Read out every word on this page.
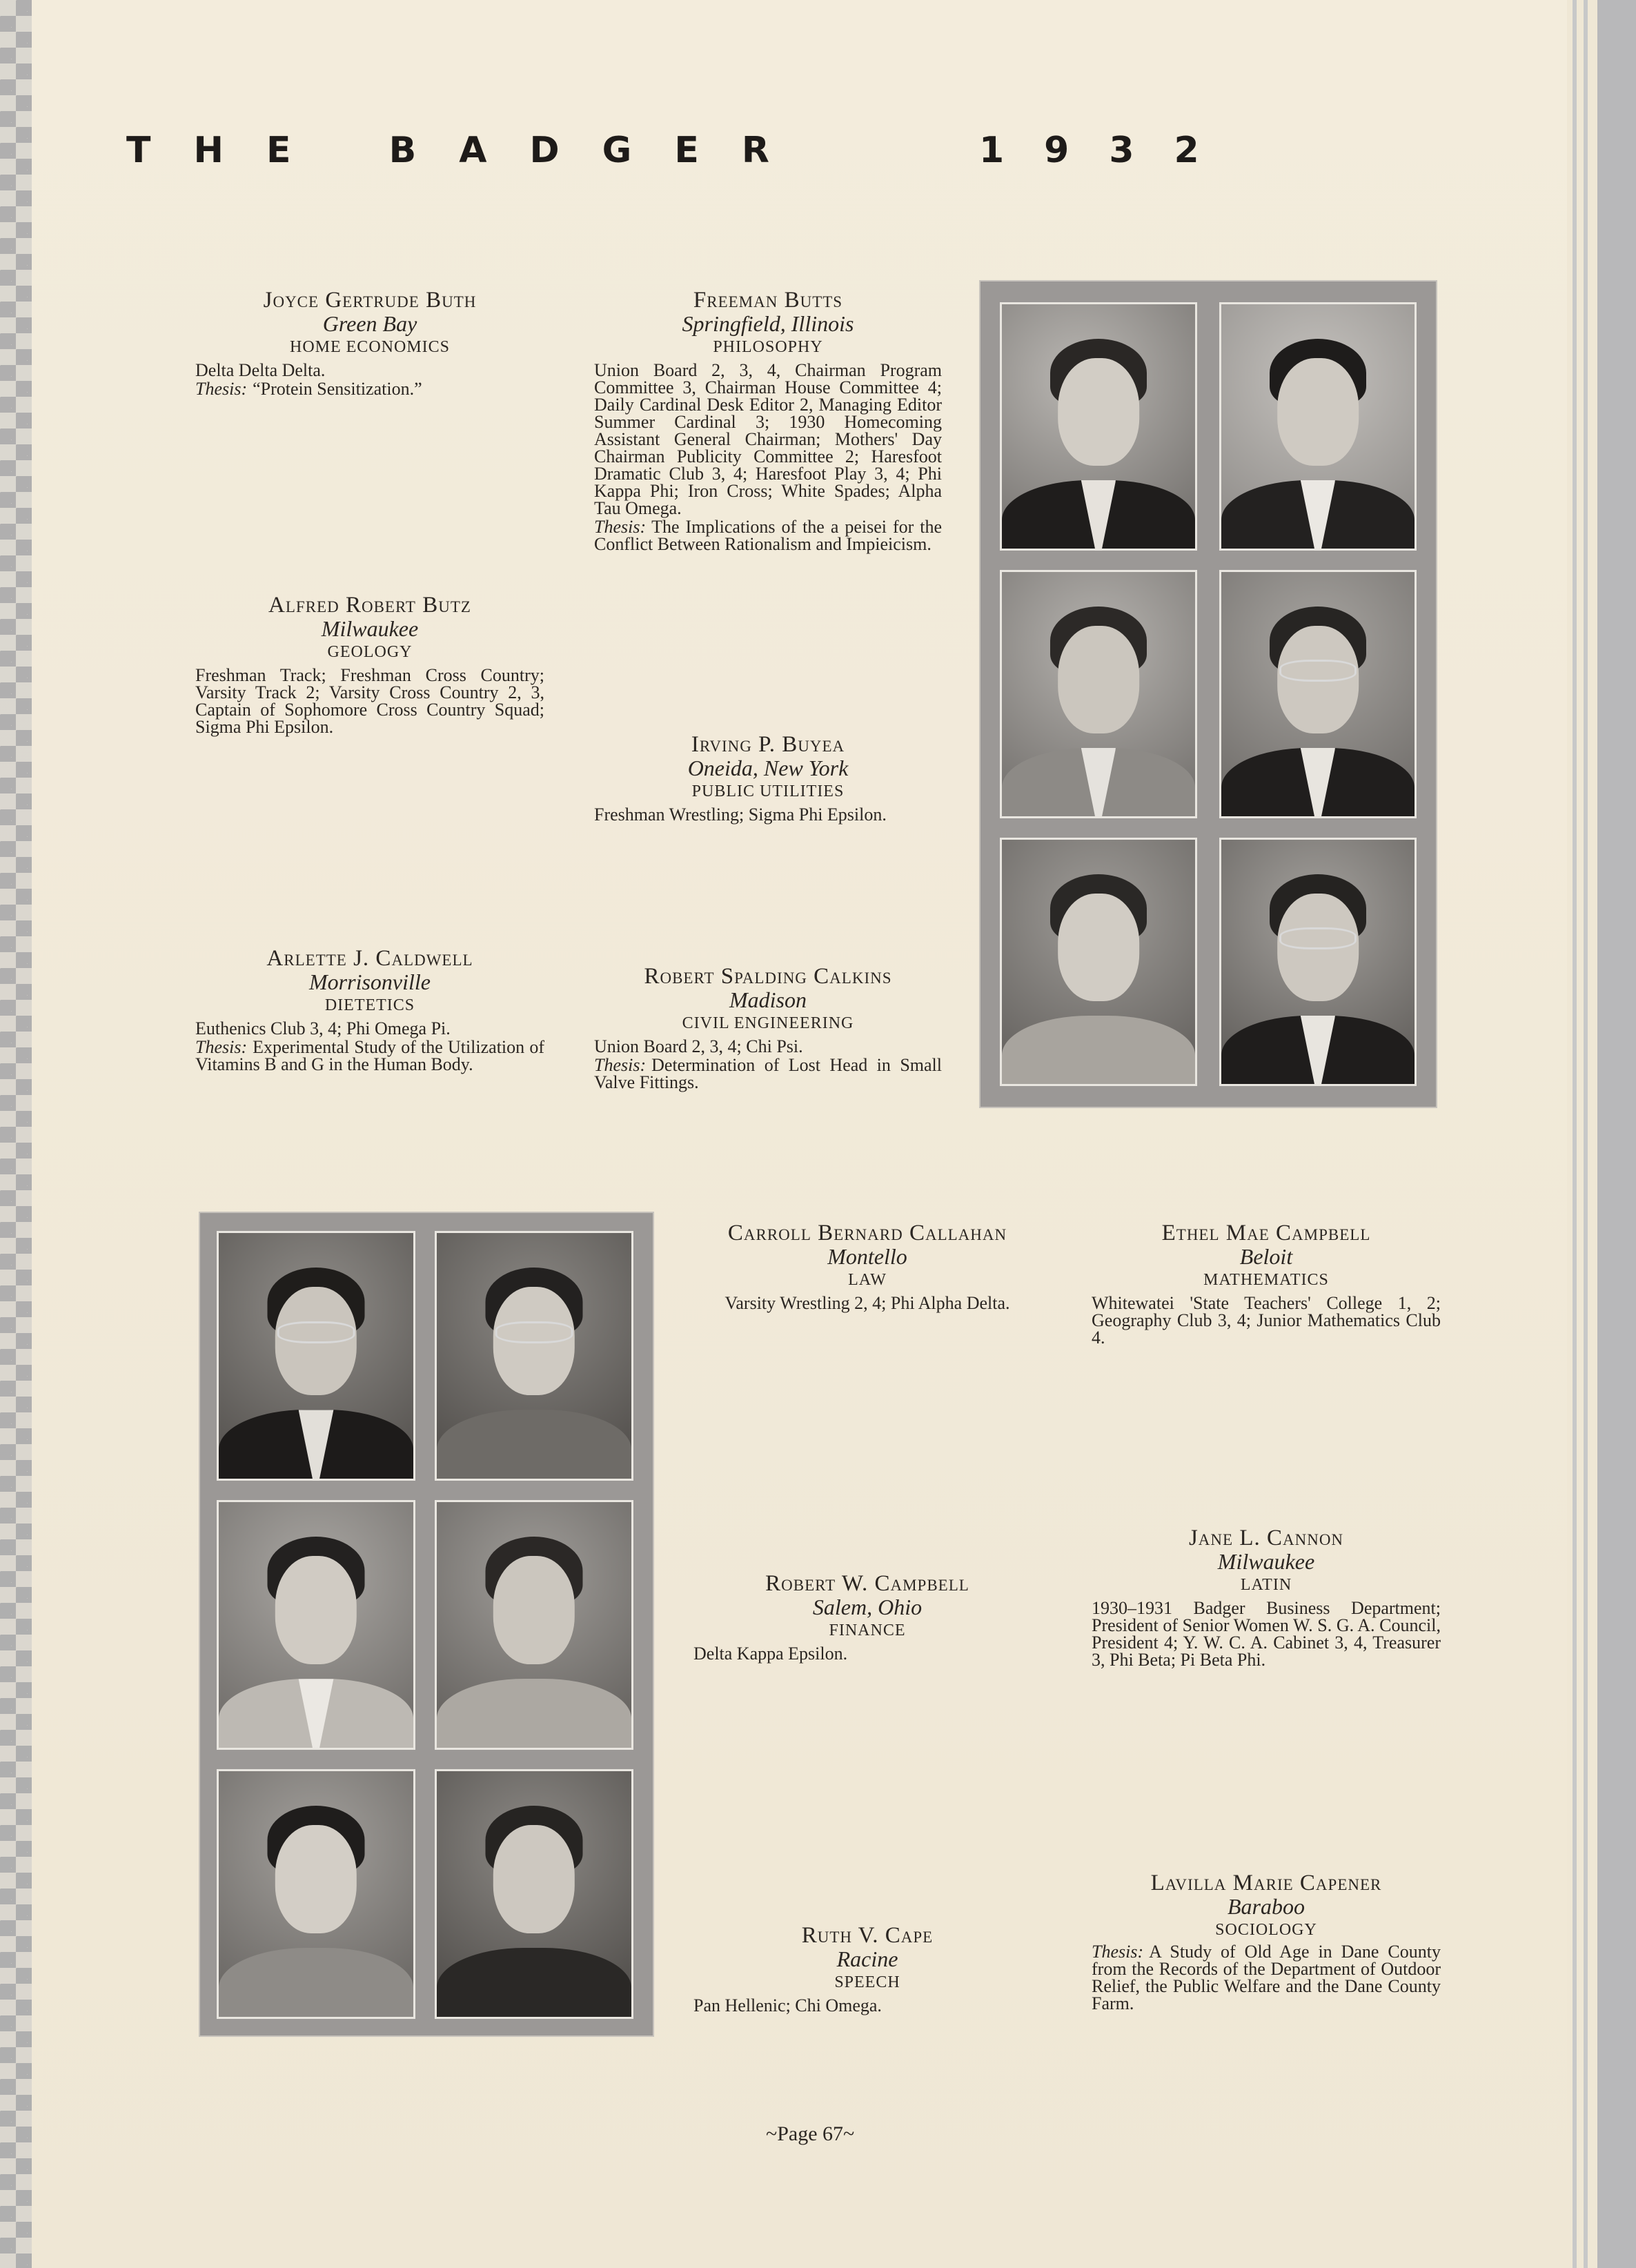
THE BADGER	1932
Joyce Gertrude Buth
Green Bay
HOME ECONOMICS
Delta Delta Delta.
Thesis: “Protein Sensitization.”
Freeman Butts
Springfield, Illinois
PHILOSOPHY
Union Board 2, 3, 4, Chairman Program Committee 3, Chairman House Committee 4; Daily Cardinal Desk Editor 2, Managing Editor Summer Cardinal 3; 1930 Homecoming Assistant General Chairman; Mothers' Day Chairman Publicity Committee 2; Haresfoot Dramatic Club 3, 4; Haresfoot Play 3, 4; Phi Kappa Phi; Iron Cross; White Spades; Alpha Tau Omega.
Thesis: The Implications of the a peisei for the Conflict Between Rationalism and Impieicism.
Alfred Robert Butz
Milwaukee
GEOLOGY
Freshman Track; Freshman Cross Country; Varsity Track 2; Varsity Cross Country 2, 3, Captain of Sophomore Cross Country Squad; Sigma Phi Epsilon.
Irving P. Buyea
Oneida, New York
PUBLIC UTILITIES
Freshman Wrestling; Sigma Phi Epsilon.
Arlette J. Caldwell
Morrisonville
DIETETICS
Euthenics Club 3, 4; Phi Omega Pi.
Thesis: Experimental Study of the Utilization of Vitamins B and G in the Human Body.
Robert Spalding Calkins
Madison
CIVIL ENGINEERING
Union Board 2, 3, 4; Chi Psi.
Thesis: Determination of Lost Head in Small Valve Fittings.
Carroll Bernard Callahan
Montello
LAW
Varsity Wrestling 2, 4; Phi Alpha Delta.
Ethel Mae Campbell
Beloit
MATHEMATICS
Whitewatei 'State Teachers' College 1, 2; Geography Club 3, 4; Junior Mathematics Club 4.
Robert W. Campbell
Salem, Ohio
FINANCE
Delta Kappa Epsilon.
Jane L. Cannon
Milwaukee
LATIN
1930–1931 Badger Business Department; President of Senior Women W. S. G. A. Council, President 4; Y. W. C. A. Cabinet 3, 4, Treasurer 3, Phi Beta; Pi Beta Phi.
Ruth V. Cape
Racine
SPEECH
Pan Hellenic; Chi Omega.
Lavilla Marie Capener
Baraboo
SOCIOLOGY
Thesis: A Study of Old Age in Dane County from the Records of the Department of Outdoor Relief, the Public Welfare and the Dane County Farm.
~Page 67~
